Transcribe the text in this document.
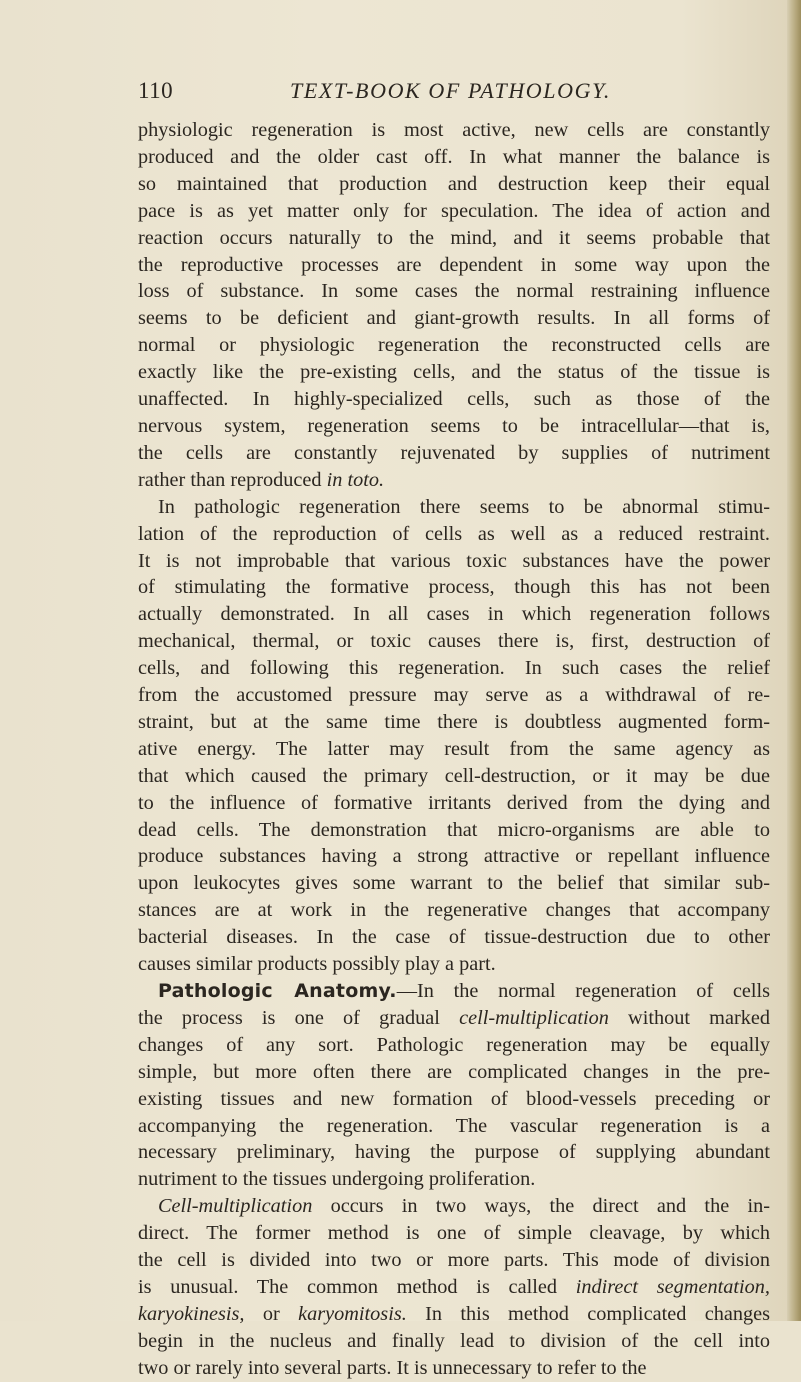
110	TEXT-BOOK OF PATHOLOGY.

physiologic regeneration is most active, new cells are constantly

produced and the older cast off. In what manner the balance is

so maintained that production and destruction keep their equal

pace is as yet matter only for speculation. The idea of action and

reaction occurs naturally to the mind, and it seems probable that

the reproductive processes are dependent in some way upon the

loss of substance. In some cases the normal restraining influence

seems to be deficient and giant-growth results. In all forms of

normal or physiologic regeneration the reconstructed cells are

exactly like the pre-existing cells, and the status of the tissue is

unaffected. In highly-specialized cells, such as those of the

nervous system, regeneration seems to be intracellular—that is,

the cells are constantly rejuvenated by supplies of nutriment

rather than reproduced in toto.

In pathologic regeneration there seems to be abnormal stimu-

lation of the reproduction of cells as well as a reduced restraint.

It is not improbable that various toxic substances have the power

of stimulating the formative process, though this has not been

actually demonstrated. In all cases in which regeneration follows

mechanical, thermal, or toxic causes there is, first, destruction of

cells, and following this regeneration. In such cases the relief

from the accustomed pressure may serve as a withdrawal of re-

straint, but at the same time there is doubtless augmented form-

ative energy. The latter may result from the same agency as

that which caused the primary cell-destruction, or it may be due

to the influence of formative irritants derived from the dying and

dead cells. The demonstration that micro-organisms are able to

produce substances having a strong attractive or repellant influence

upon leukocytes gives some warrant to the belief that similar sub-

stances are at work in the regenerative changes that accompany

bacterial diseases. In the case of tissue-destruction due to other

causes similar products possibly play a part.

Pathologic Anatomy.—In the normal regeneration of cells

the process is one of gradual cell-multiplication without marked

changes of any sort. Pathologic regeneration may be equally

simple, but more often there are complicated changes in the pre-

existing tissues and new formation of blood-vessels preceding or

accompanying the regeneration. The vascular regeneration is a

necessary preliminary, having the purpose of supplying abundant

nutriment to the tissues undergoing proliferation.

Cell-multiplication occurs in two ways, the direct and the in-

direct. The former method is one of simple cleavage, by which

the cell is divided into two or more parts. This mode of division

is unusual. The common method is called indirect segmentation,

karyokinesis, or karyomitosis. In this method complicated changes

begin in the nucleus and finally lead to division of the cell into

two or rarely into several parts. It is unnecessary to refer to the
